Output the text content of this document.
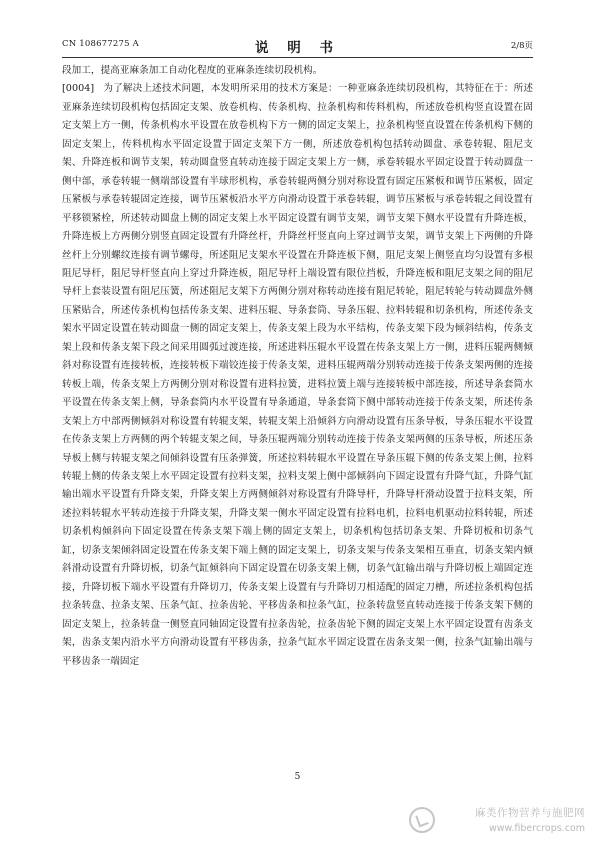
CN 108677275 A	说 明 书	2/8页

段加工，提高亚麻条加工自动化程度的亚麻条连续切段机构。

[0004] 为了解决上述技术问题，本发明所采用的技术方案是：一种亚麻条连续切段机构，其特征在于：所述亚麻条连续切段机构包括固定支架、放卷机构、传条机构、拉条机构和传料机构，所述放卷机构竖直设置在固定支架上方一侧，传条机构水平设置在放卷机构下方一侧的固定支架上，拉条机构竖直设置在传条机构下侧的固定支架上，传料机构水平固定设置于固定支架下方一侧，所述放卷机构包括转动圆盘、承卷转辊、阻尼支架、升降连板和调节支架，转动圆盘竖直转动连接于固定支架上方一侧，承卷转辊水平固定设置于转动圆盘一侧中部，承卷转辊一侧端部设置有半球形机构，承卷转辊两侧分别对称设置有固定压紧板和调节压紧板，固定压紧板与承卷转辊固定连接，调节压紧板沿水平方向滑动设置于承卷转辊，调节压紧板与承卷转辊之间设置有平移锁紧栓，所述转动圆盘上侧的固定支架上水平固定设置有调节支架，调节支架下侧水平设置有升降连板，升降连板上方两侧分别竖直固定设置有升降丝杆，升降丝杆竖直向上穿过调节支架，调节支架上下两侧的升降丝杆上分别螺纹连接有调节螺母，所述阻尼支架水平设置在升降连板下侧，阻尼支架上侧竖直均匀设置有多根阻尼导杆，阻尼导杆竖直向上穿过升降连板，阻尼导杆上端设置有限位挡板，升降连板和阻尼支架之间的阻尼导杆上套装设置有阻尼压簧，所述阻尼支架下方两侧分别对称转动连接有阻尼转轮，阻尼转轮与转动圆盘外侧压紧贴合，所述传条机构包括传条支架、进料压辊、导条套筒、导条压辊、拉料转辊和切条机构，所述传条支架水平固定设置在转动圆盘一侧的固定支架上，传条支架上段为水平结构，传条支架下段为倾斜结构，传条支架上段和传条支架下段之间采用圆弧过渡连接，所述进料压辊水平设置在传条支架上方一侧，进料压辊两侧倾斜对称设置有连接转板，连接转板下端铰连接于传条支架，进料压辊两端分别转动连接于传条支架两侧的连接转板上端，传条支架上方两侧分别对称设置有进料拉簧，进料拉簧上端与连接转板中部连接，所述导条套筒水平设置在传条支架上侧，导条套筒内水平设置有导条通道，导条套筒下侧中部转动连接于传条支架，所述传条支架上方中部两侧倾斜对称设置有转辊支架，转辊支架上沿倾斜方向滑动设置有压条导板，导条压辊水平设置在传条支架上方两侧的两个转辊支架之间，导条压辊两端分别转动连接于传条支架两侧的压条导板，所述压条导板上侧与转辊支架之间倾斜设置有压条弹簧，所述拉料转辊水平设置在导条压辊下侧的传条支架上侧，拉料转辊上侧的传条支架上水平固定设置有拉料支架，拉料支架上侧中部倾斜向下固定设置有升降气缸，升降气缸输出端水平设置有升降支架，升降支架上方两侧倾斜对称设置有升降导杆，升降导杆滑动设置于拉料支架，所述拉料转辊水平转动连接于升降支架，升降支架一侧水平固定设置有拉料电机，拉料电机驱动拉料转辊，所述切条机构倾斜向下固定设置在传条支架下端上侧的固定支架上，切条机构包括切条支架、升降切板和切条气缸，切条支架倾斜固定设置在传条支架下端上侧的固定支架上，切条支架与传条支架相互垂直，切条支架内倾斜滑动设置有升降切板，切条气缸倾斜向下固定设置在切条支架上侧，切条气缸输出端与升降切板上端固定连接，升降切板下端水平设置有升降切刀，传条支架上设置有与升降切刀相适配的固定刀槽，所述拉条机构包括拉条转盘、拉条支架、压条气缸、拉条齿轮、平移齿条和拉条气缸，拉条转盘竖直转动连接于传条支架下侧的固定支架上，拉条转盘一侧竖直同轴固定设置有拉条齿轮，拉条齿轮下侧的固定支架上水平固定设置有齿条支架，齿条支架内沿水平方向滑动设置有平移齿条，拉条气缸水平固定设置在齿条支架一侧，拉条气缸输出端与平移齿条一端固定

5
麻类作物营养与施肥网
www.fibercrops.com
